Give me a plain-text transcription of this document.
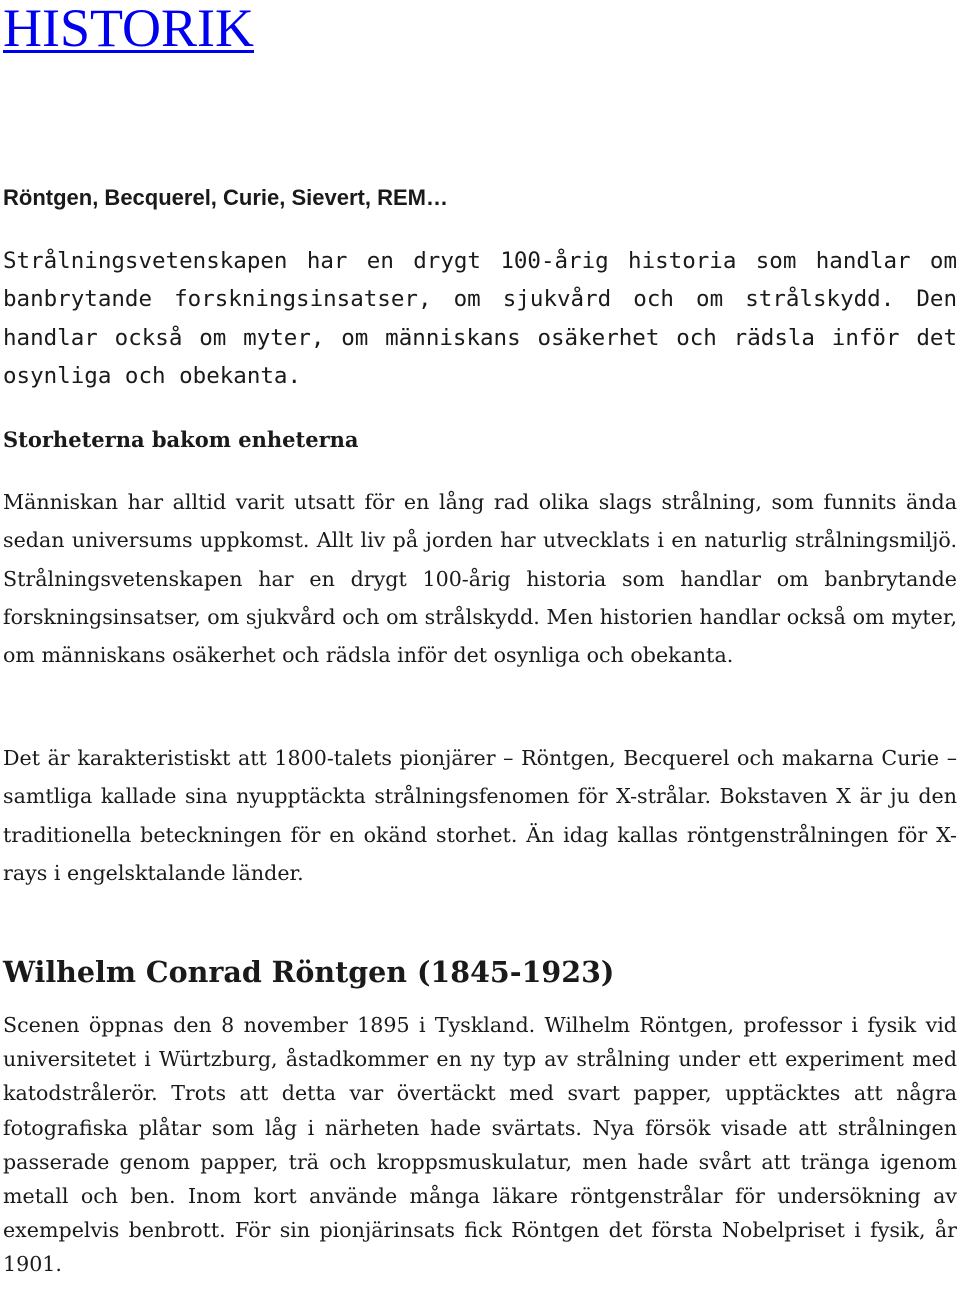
HISTORIK
Röntgen, Becquerel, Curie, Sievert, REM…

Strålningsvetenskapen har en drygt 100-årig historia som handlar om banbrytande forskningsinsatser, om sjukvård och om strålskydd. Den handlar också om myter, om människans osäkerhet och rädsla inför det osynliga och obekanta.

Storheterna bakom enheterna

Människan har alltid varit utsatt för en lång rad olika slags strålning, som funnits ända sedan universums uppkomst. Allt liv på jorden har utvecklats i en naturlig strålningsmiljö. Strålningsvetenskapen har en drygt 100-årig historia som handlar om banbrytande forskningsinsatser, om sjukvård och om strålskydd. Men historien handlar också om myter, om människans osäkerhet och rädsla inför det osynliga och obekanta.

Det är karakteristiskt att 1800-talets pionjärer – Röntgen, Becquerel och makarna Curie – samtliga kallade sina nyupptäckta strålningsfenomen för X-strålar. Bokstaven X är ju den traditionella beteckningen för en okänd storhet. Än idag kallas röntgenstrålningen för X-rays i engelsktalande länder.

Wilhelm Conrad Röntgen (1845-1923)

Scenen öppnas den 8 november 1895 i Tyskland. Wilhelm Röntgen, professor i fysik vid universitetet i Würtzburg, åstadkommer en ny typ av strålning under ett experiment med katodstrålerör. Trots att detta var övertäckt med svart papper, upptäcktes att några fotografiska plåtar som låg i närheten hade svärtats. Nya försök visade att strålningen passerade genom papper, trä och kroppsmuskulatur, men hade svårt att tränga igenom metall och ben. Inom kort använde många läkare röntgenstrålar för undersökning av exempelvis benbrott. För sin pionjärinsats fick Röntgen det första Nobelpriset i fysik, år 1901.
